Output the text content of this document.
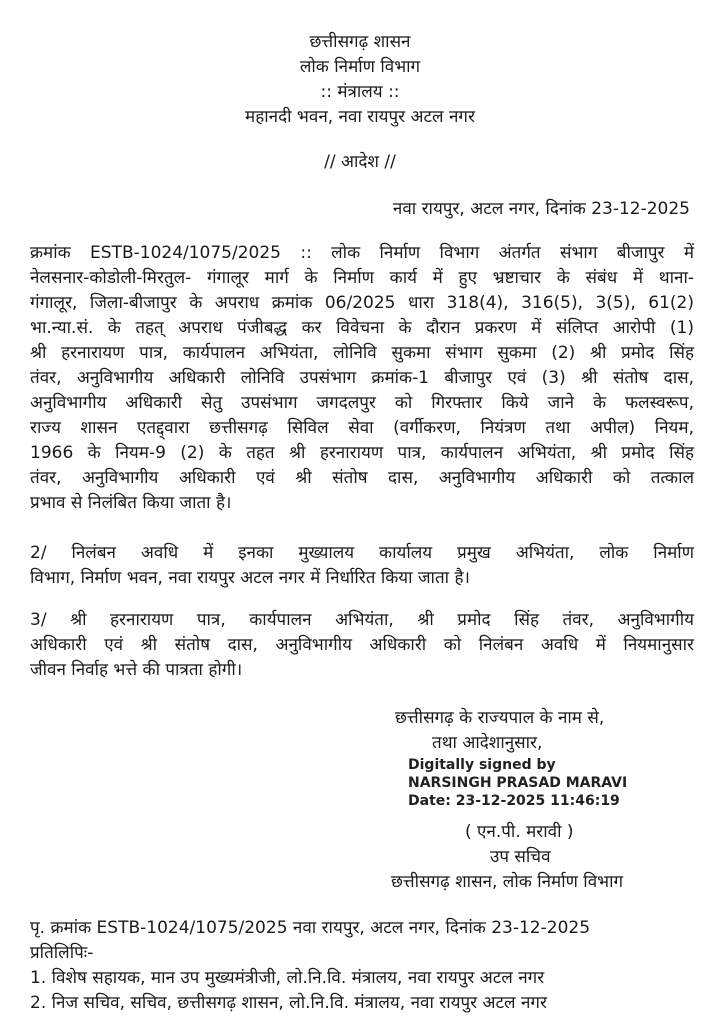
छत्तीसगढ़ शासन
लोक निर्माण विभाग
:: मंत्रालय ::
महानदी भवन, नवा रायपुर अटल नगर
// आदेश //
नवा रायपुर, अटल नगर, दिनांक 23-12-2025
क्रमांक ESTB-1024/1075/2025 :: लोक निर्माण विभाग अंतर्गत संभाग बीजापुर में
नेलसनार-कोडोली-मिरतुल- गंगालूर मार्ग के निर्माण कार्य में हुए भ्रष्टाचार के संबंध में थाना-
गंगालूर, जिला-बीजापुर के अपराध क्रमांक 06/2025 धारा 318(4), 316(5), 3(5), 61(2)
भा.न्या.सं. के तहत् अपराध पंजीबद्ध कर विवेचना के दौरान प्रकरण में संलिप्त आरोपी (1)
श्री हरनारायण पात्र, कार्यपालन अभियंता, लोनिवि सुकमा संभाग सुकमा (2) श्री प्रमोद सिंह
तंवर, अनुविभागीय अधिकारी लोनिवि उपसंभाग क्रमांक-1 बीजापुर एवं (3) श्री संतोष दास,
अनुविभागीय अधिकारी सेतु उपसंभाग जगदलपुर को गिरफ्तार किये जाने के फलस्वरूप,
राज्य शासन एतद्द्वारा छत्तीसगढ़ सिविल सेवा (वर्गीकरण, नियंत्रण तथा अपील) नियम,
1966 के नियम-9 (2) के तहत श्री हरनारायण पात्र, कार्यपालन अभियंता, श्री प्रमोद सिंह
तंवर, अनुविभागीय अधिकारी एवं श्री संतोष दास, अनुविभागीय अधिकारी को तत्काल
प्रभाव से निलंबित किया जाता है।
2/ निलंबन अवधि में इनका मुख्यालय कार्यालय प्रमुख अभियंता, लोक निर्माण
विभाग, निर्माण भवन, नवा रायपुर अटल नगर में निर्धारित किया जाता है।
3/ श्री हरनारायण पात्र, कार्यपालन अभियंता, श्री प्रमोद सिंह तंवर, अनुविभागीय
अधिकारी एवं श्री संतोष दास, अनुविभागीय अधिकारी को निलंबन अवधि में नियमानुसार
जीवन निर्वाह भत्ते की पात्रता होगी।
छत्तीसगढ़ के राज्यपाल के नाम से,
तथा आदेशानुसार,
Digitally signed by
NARSINGH PRASAD MARAVI
Date: 23-12-2025 11:46:19
( एन.पी. मरावी )
उप सचिव
छत्तीसगढ़ शासन, लोक निर्माण विभाग
पृ. क्रमांक ESTB-1024/1075/2025 नवा रायपुर, अटल नगर, दिनांक 23-12-2025
प्रतिलिपिः-
1. विशेष सहायक, मान उप मुख्यमंत्रीजी, लो.नि.वि. मंत्रालय, नवा रायपुर अटल नगर
2. निज सचिव, सचिव, छत्तीसगढ़ शासन, लो.नि.वि. मंत्रालय, नवा रायपुर अटल नगर
